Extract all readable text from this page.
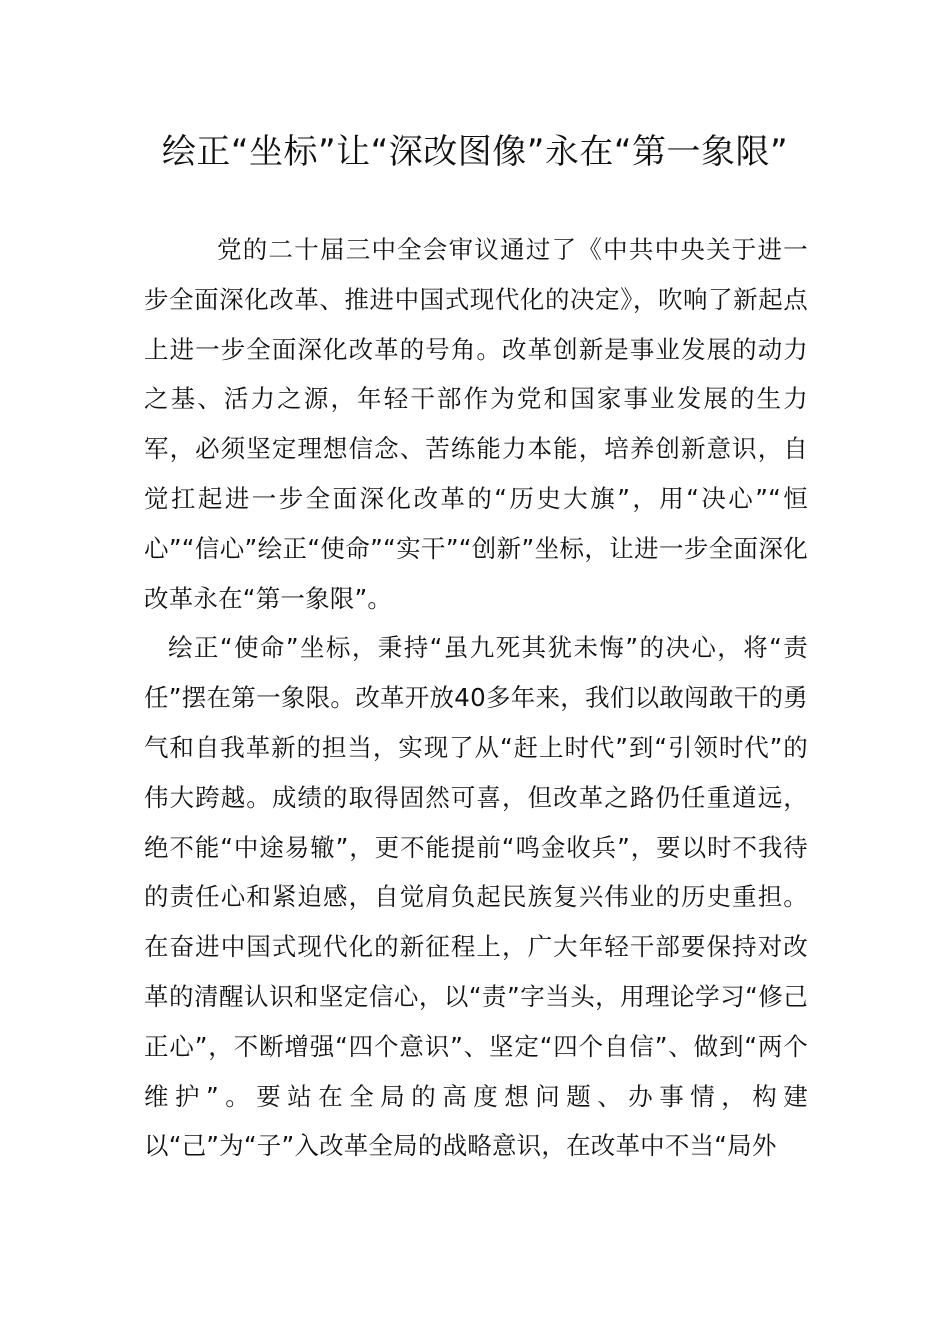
绘正“坐标”让“深改图像”永在“第一象限”

党的二十届三中全会审议通过了《中共中央关于进一步全面深化改革、推进中国式现代化的决定》，吹响了新起点上进一步全面深化改革的号角。改革创新是事业发展的动力之基、活力之源，年轻干部作为党和国家事业发展的生力军，必须坚定理想信念、苦练能力本能，培养创新意识，自觉扛起进一步全面深化改革的“历史大旗”，用“决心”“恒心”“信心”绘正“使命”“实干”“创新”坐标，让进一步全面深化改革永在“第一象限”。

绘正“使命”坐标，秉持“虽九死其犹未悔”的决心，将“责任”摆在第一象限。改革开放40多年来，我们以敢闯敢干的勇气和自我革新的担当，实现了从“赶上时代”到“引领时代”的伟大跨越。成绩的取得固然可喜，但改革之路仍任重道远，绝不能“中途易辙”，更不能提前“鸣金收兵”，要以时不我待的责任心和紧迫感，自觉肩负起民族复兴伟业的历史重担。在奋进中国式现代化的新征程上，广大年轻干部要保持对改革的清醒认识和坚定信心，以“责”字当头，用理论学习“修己正心”，不断增强“四个意识”、坚定“四个自信”、做到“两个维护”。要站在全局的高度想问题、办事情，构建以“己”为“子”入改革全局的战略意识，在改革中不当“局外
